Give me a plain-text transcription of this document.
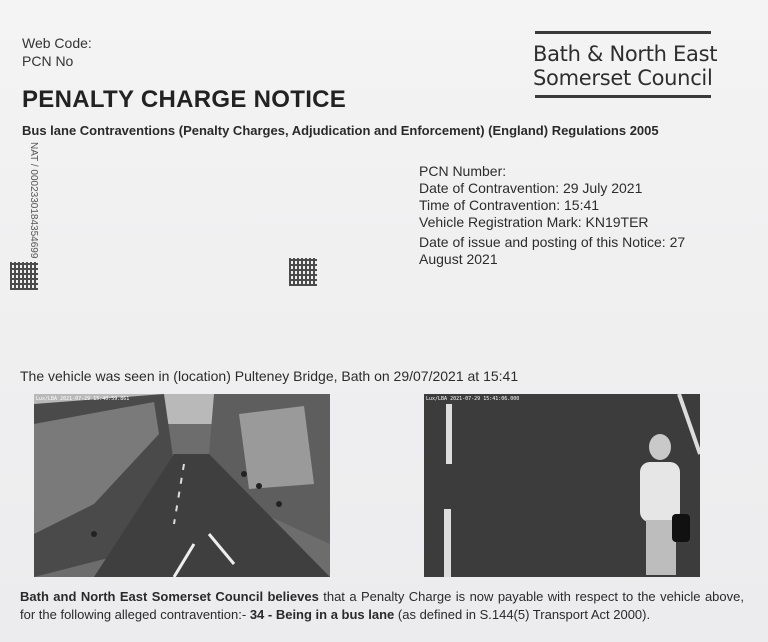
Web Code:
PCN No	Bath & North East
Somerset Council
PENALTY CHARGE NOTICE
Bus lane Contraventions (Penalty Charges, Adjudication and Enforcement) (England) Regulations 2005
NAT / 0002330184354699	PCN Number:
Date of Contravention: 29 July 2021
Time of Contravention: 15:41
Vehicle Registration Mark: KN19TER
Date of issue and posting of this Notice: 27 August 2021
The vehicle was seen in (location) Pulteney Bridge, Bath on 29/07/2021 at 15:41
Lux/LBA 2021-07-29 15:40:59.861	Lux/LBA 2021-07-29 15:41:06.000
Bath and North East Somerset Council believes that a Penalty Charge is now payable with respect to the vehicle above, for the following alleged contravention:- 34 - Being in a bus lane (as defined in S.144(5) Transport Act 2000).
